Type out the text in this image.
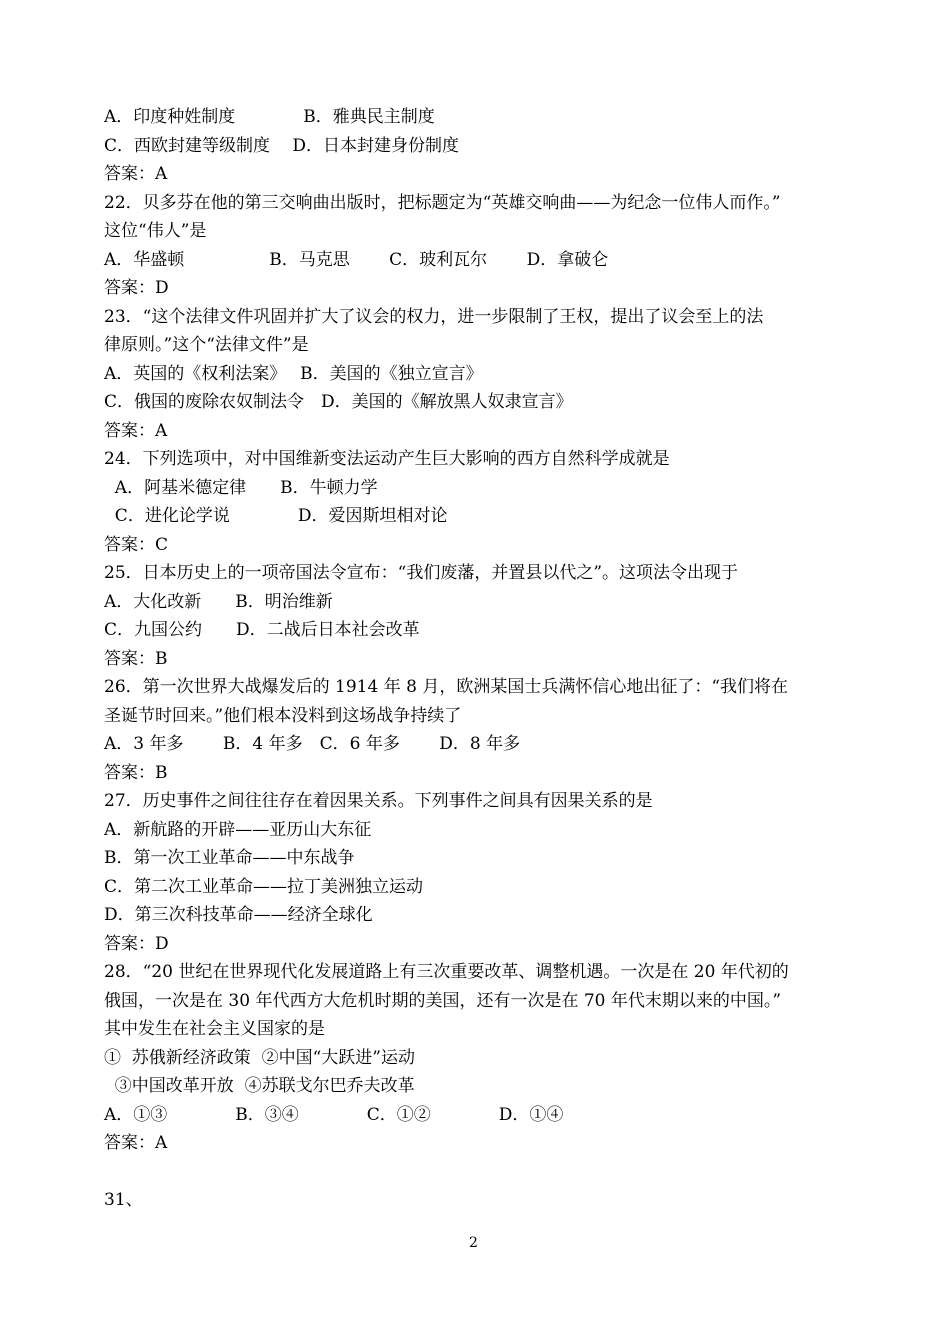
A．印度种姓制度　　　　B．雅典民主制度
C．西欧封建等级制度　 D．日本封建身份制度
答案：A
22．贝多芬在他的第三交响曲出版时，把标题定为“英雄交响曲——为纪念一位伟人而作。”
这位“伟人”是
A．华盛顿　　　　　B．马克思　　 C．玻利瓦尔　　 D．拿破仑
答案：D
23．“这个法律文件巩固并扩大了议会的权力，进一步限制了王权，提出了议会至上的法
律原则。”这个“法律文件”是
A．英国的《权利法案》　 B．美国的《独立宣言》
C．俄国的废除农奴制法令　D．美国的《解放黑人奴隶宣言》
答案：A
24．下列选项中，对中国维新变法运动产生巨大影响的西方自然科学成就是
A．阿基米德定律　　B．牛顿力学
C．进化论学说　　　　D．爱因斯坦相对论
答案：C
25．日本历史上的一项帝国法令宣布：“我们废藩，并置县以代之”。这项法令出现于
A．大化改新　　B．明治维新
C．九国公约　　D．二战后日本社会改革
答案：B
26．第一次世界大战爆发后的 1914 年 8 月，欧洲某国士兵满怀信心地出征了：“我们将在
圣诞节时回来。”他们根本没料到这场战争持续了
A．3 年多　　 B．4 年多　C．6 年多　　 D．8 年多
答案：B
27．历史事件之间往往存在着因果关系。下列事件之间具有因果关系的是
A．新航路的开辟——亚历山大东征
B．第一次工业革命——中东战争
C．第二次工业革命——拉丁美洲独立运动
D．第三次科技革命——经济全球化
答案：D
28．“20 世纪在世界现代化发展道路上有三次重要改革、调整机遇。一次是在 20 年代初的
俄国，一次是在 30 年代西方大危机时期的美国，还有一次是在 70 年代末期以来的中国。”
其中发生在社会主义国家的是
①  苏俄新经济政策  ②中国“大跃进”运动
③中国改革开放  ④苏联戈尔巴乔夫改革
A．①③　　　　B．③④　　　　C．①②　　　　D．①④
答案：A
31、
2
